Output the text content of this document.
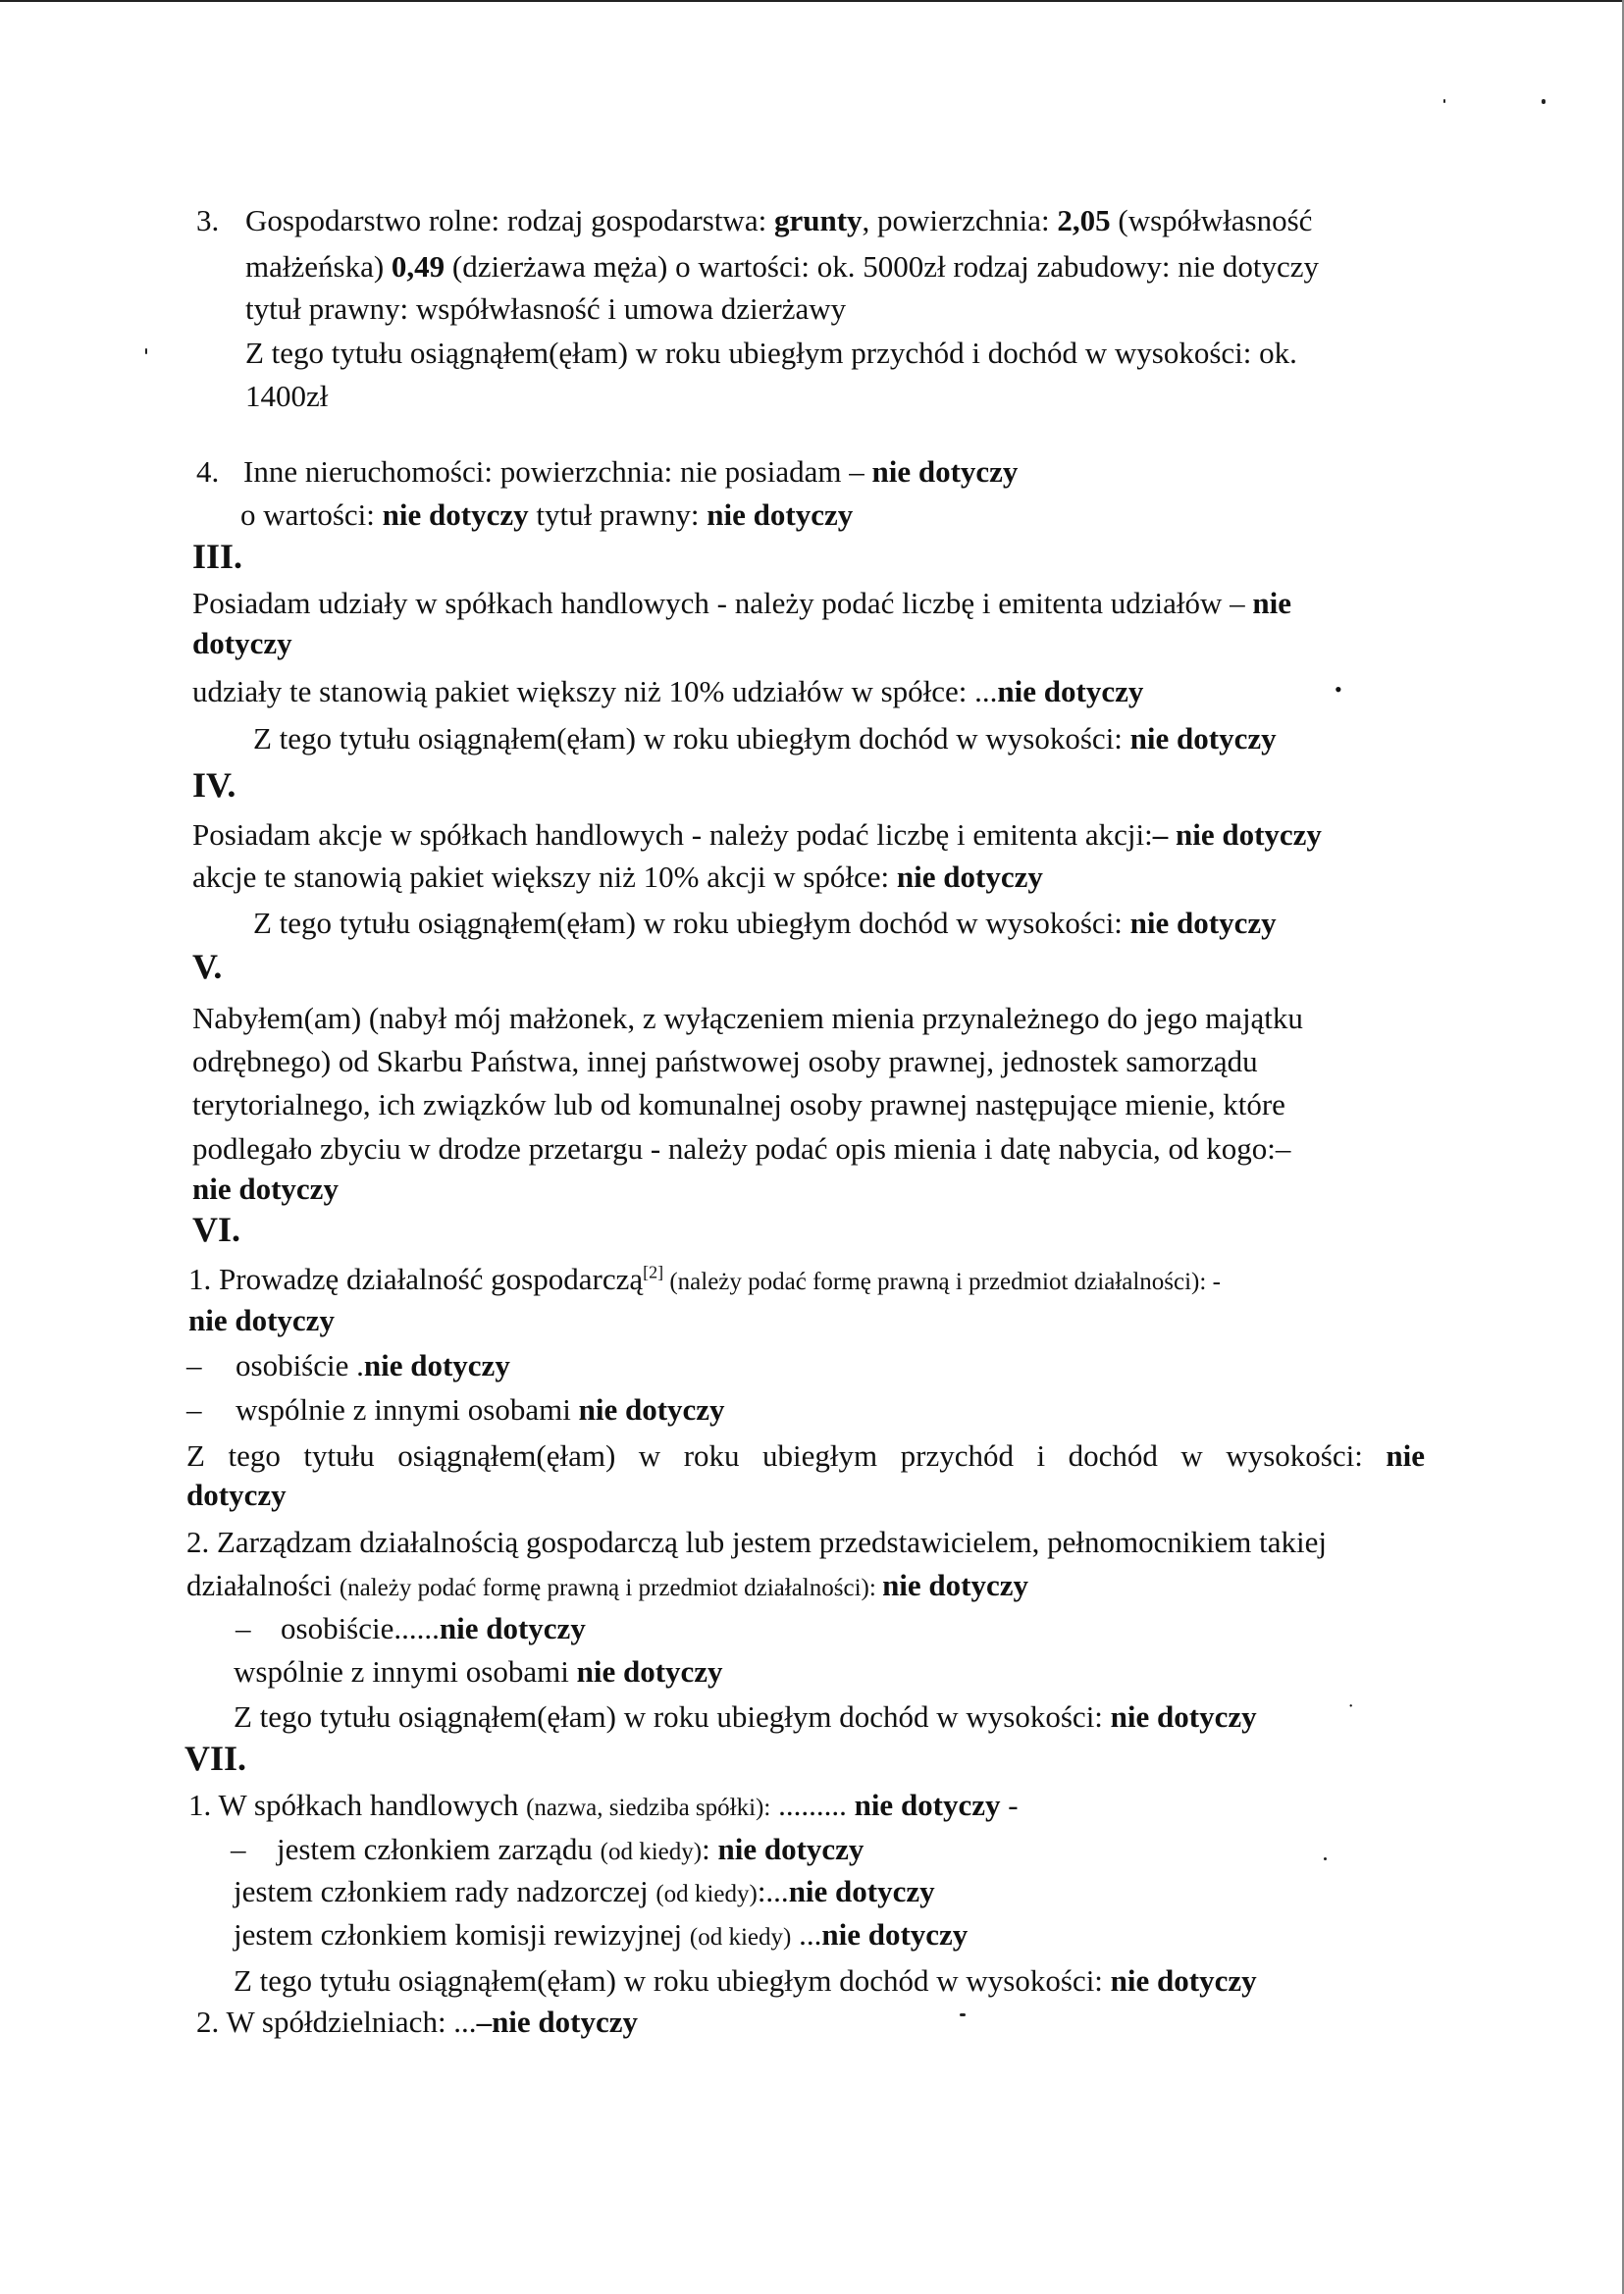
3. Gospodarstwo rolne: rodzaj gospodarstwa: grunty, powierzchnia: 2,05 (współwłasność
małżeńska) 0,49 (dzierżawa męża) o wartości: ok. 5000zł rodzaj zabudowy: nie dotyczy
tytuł prawny: współwłasność i umowa dzierżawy
Z tego tytułu osiągnąłem(ęłam) w roku ubiegłym przychód i dochód w wysokości: ok.
1400zł
4. Inne nieruchomości: powierzchnia: nie posiadam – nie dotyczy
o wartości: nie dotyczy tytuł prawny: nie dotyczy
III.
Posiadam udziały w spółkach handlowych - należy podać liczbę i emitenta udziałów – nie
dotyczy
udziały te stanowią pakiet większy niż 10% udziałów w spółce: ...nie dotyczy	•
Z tego tytułu osiągnąłem(ęłam) w roku ubiegłym dochód w wysokości: nie dotyczy
IV.
Posiadam akcje w spółkach handlowych - należy podać liczbę i emitenta akcji:– nie dotyczy
akcje te stanowią pakiet większy niż 10% akcji w spółce: nie dotyczy
Z tego tytułu osiągnąłem(ęłam) w roku ubiegłym dochód w wysokości: nie dotyczy
V.
Nabyłem(am) (nabył mój małżonek, z wyłączeniem mienia przynależnego do jego majątku
odrębnego) od Skarbu Państwa, innej państwowej osoby prawnej, jednostek samorządu
terytorialnego, ich związków lub od komunalnej osoby prawnej następujące mienie, które
podlegało zbyciu w drodze przetargu - należy podać opis mienia i datę nabycia, od kogo:–
nie dotyczy
VI.
1. Prowadzę działalność gospodarczą[2] (należy podać formę prawną i przedmiot działalności): -
nie dotyczy
– osobiście .nie dotyczy
– wspólnie z innymi osobami nie dotyczy
Z tego tytułu osiągnąłem(ęłam) w roku ubiegłym przychód i dochód w wysokości: nie
dotyczy
2. Zarządzam działalnością gospodarczą lub jestem przedstawicielem, pełnomocnikiem takiej
działalności (należy podać formę prawną i przedmiot działalności): nie dotyczy
– osobiście......nie dotyczy
wspólnie z innymi osobami nie dotyczy
Z tego tytułu osiągnąłem(ęłam) w roku ubiegłym dochód w wysokości: nie dotyczy	˙
VII.
1. W spółkach handlowych (nazwa, siedziba spółki): ......... nie dotyczy -
– jestem członkiem zarządu (od kiedy): nie dotyczy
jestem członkiem rady nadzorczej (od kiedy):...nie dotyczy
jestem członkiem komisji rewizyjnej (od kiedy) ...nie dotyczy
Z tego tytułu osiągnąłem(ęłam) w roku ubiegłym dochód w wysokości: nie dotyczy
2. W spółdzielniach: ...–nie dotyczy
